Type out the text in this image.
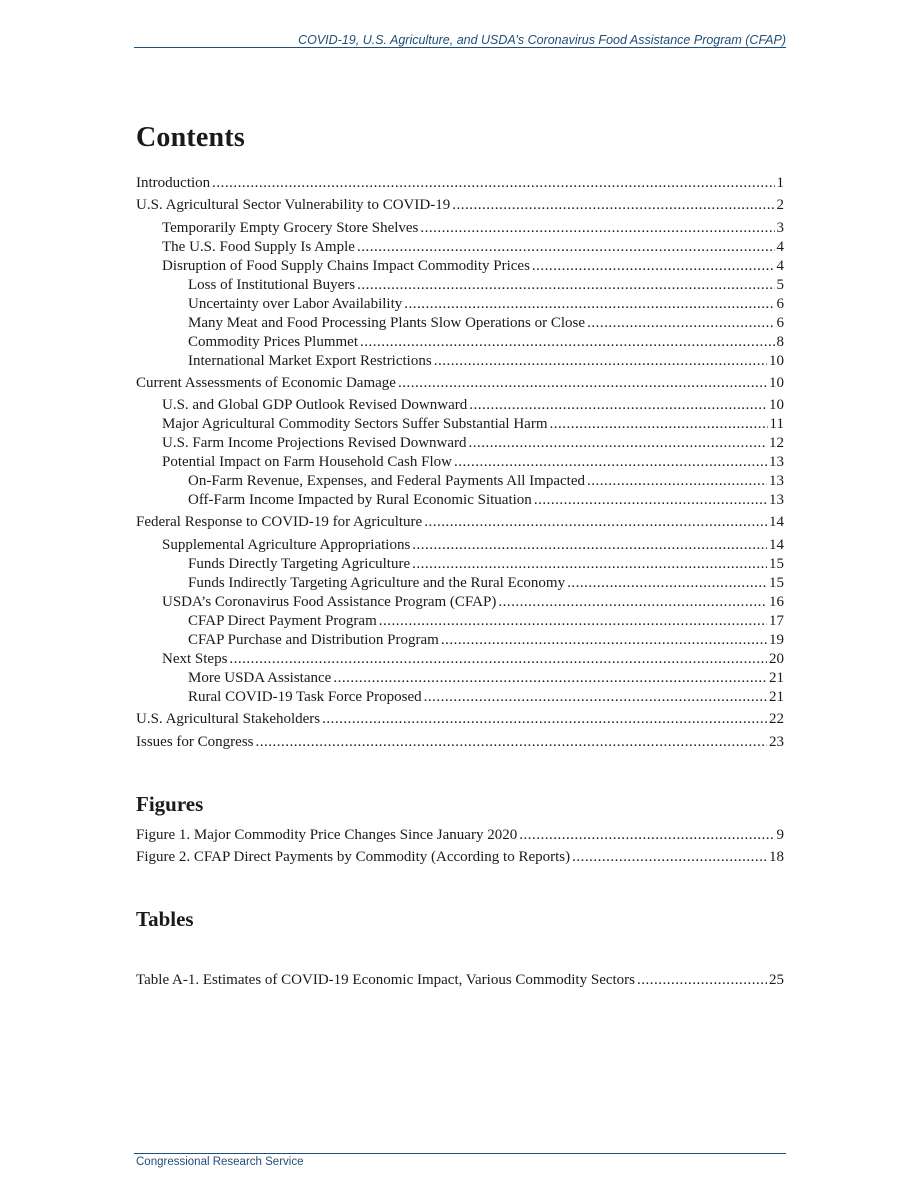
COVID-19, U.S. Agriculture, and USDA’s Coronavirus Food Assistance Program (CFAP)
Contents
Introduction .....	1
U.S. Agricultural Sector Vulnerability to COVID-19 .....	2
Temporarily Empty Grocery Store Shelves .....	3
The U.S. Food Supply Is Ample .....	4
Disruption of Food Supply Chains Impact Commodity Prices .....	4
Loss of Institutional Buyers .....	5
Uncertainty over Labor Availability .....	6
Many Meat and Food Processing Plants Slow Operations or Close .....	6
Commodity Prices Plummet .....	8
International Market Export Restrictions .....	10
Current Assessments of Economic Damage .....	10
U.S. and Global GDP Outlook Revised Downward .....	10
Major Agricultural Commodity Sectors Suffer Substantial Harm .....	11
U.S. Farm Income Projections Revised Downward .....	12
Potential Impact on Farm Household Cash Flow .....	13
On-Farm Revenue, Expenses, and Federal Payments All Impacted .....	13
Off-Farm Income Impacted by Rural Economic Situation .....	13
Federal Response to COVID-19 for Agriculture .....	14
Supplemental Agriculture Appropriations .....	14
Funds Directly Targeting Agriculture .....	15
Funds Indirectly Targeting Agriculture and the Rural Economy .....	15
USDA’s Coronavirus Food Assistance Program (CFAP) .....	16
CFAP Direct Payment Program .....	17
CFAP Purchase and Distribution Program .....	19
Next Steps .....	20
More USDA Assistance .....	21
Rural COVID-19 Task Force Proposed .....	21
U.S. Agricultural Stakeholders .....	22
Issues for Congress .....	23
Figures
Figure 1. Major Commodity Price Changes Since January 2020 .....	9
Figure 2. CFAP Direct Payments by Commodity (According to Reports) .....	18
Tables
Table A-1. Estimates of COVID-19 Economic Impact, Various Commodity Sectors .....	25
Congressional Research Service
